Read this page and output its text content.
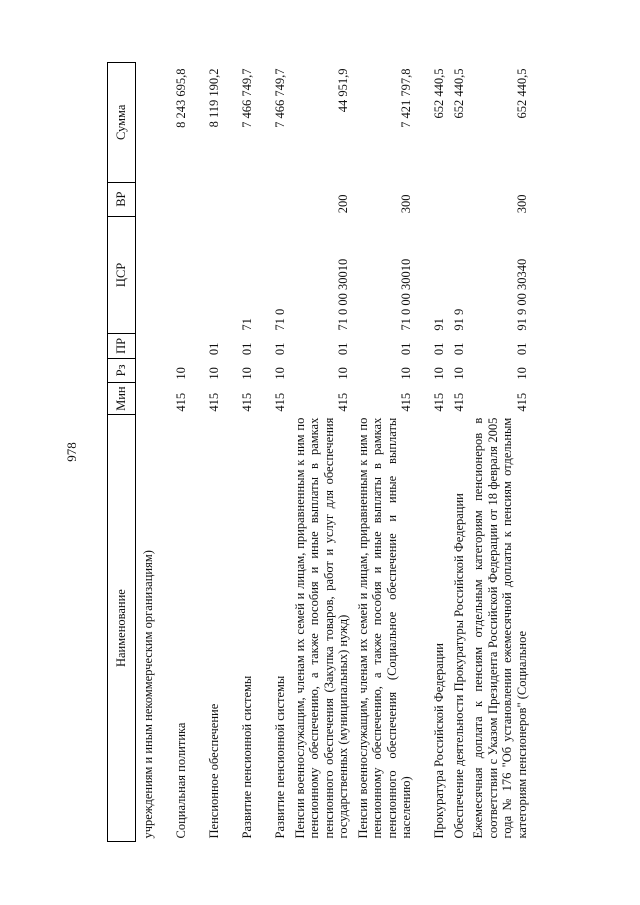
978
Наименование	Мин	Рз	ПР	ЦСР	ВР	Сумма
учреждениям и иным некоммерческим организациям)						
Социальная политика	415	10				8 243 695,8
Пенсионное обеспечение	415	10	01			8 119 190,2
Развитие пенсионной системы	415	10	01	71		7 466 749,7
Развитие пенсионной системы	415	10	01	71 0		7 466 749,7
Пенсии военнослужащим, членам их семей и лицам, приравненным к ним по пенсионному обеспечению, а также пособия и иные выплаты в рамках пенсионного обеспечения (Закупка товаров, работ и услуг для обеспечения государственных (муниципальных) нужд)	415	10	01	71 0 00 30010	200	44 951,9
Пенсии военнослужащим, членам их семей и лицам, приравненным к ним по пенсионному обеспечению, а также пособия и иные выплаты в рамках пенсионного обеспечения (Социальное обеспечение и иные выплаты населению)	415	10	01	71 0 00 30010	300	7 421 797,8
Прокуратура Российской Федерации	415	10	01	91		652 440,5
Обеспечение деятельности Прокуратуры Российской Федерации	415	10	01	91 9		652 440,5
Ежемесячная доплата к пенсиям отдельным категориям пенсионеров в соответствии с Указом Президента Российской Федерации от 18 февраля 2005 года № 176 "Об установлении ежемесячной доплаты к пенсиям отдельным категориям пенсионеров" (Социальное	415	10	01	91 9 00 30340	300	652 440,5
